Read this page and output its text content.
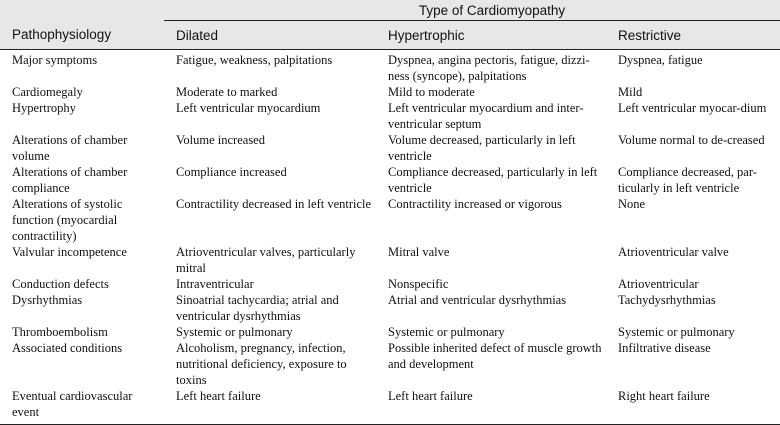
	Type of Cardiomyopathy		

Pathophysiology	Dilated	Hypertrophic	Restrictive
Major symptoms	Fatigue, weakness, palpitations	Dyspnea, angina pectoris, fatigue, dizzi-ness (syncope), palpitations	Dyspnea, fatigue
Cardiomegaly	Moderate to marked	Mild to moderate	Mild
Hypertrophy	Left ventricular myocardium	Left ventricular myocardium and inter-ventricular septum	Left ventricular myocar-dium
Alterations of chamber volume	Volume increased	Volume decreased, particularly in left ventricle	Volume normal to de-creased
Alterations of chamber compliance	Compliance increased	Compliance decreased, particularly in left ventricle	Compliance decreased, par-ticularly in left ventricle
Alterations of systolic function (myocardial contractility)	Contractility decreased in left ventricle	Contractility increased or vigorous	None
Valvular incompetence	Atrioventricular valves, particularly mitral	Mitral valve	Atrioventricular valve
Conduction defects	Intraventricular	Nonspecific	Atrioventricular
Dysrhythmias	Sinoatrial tachycardia; atrial and ventricular dysrhythmias	Atrial and ventricular dysrhythmias	Tachydysrhythmias
Thromboembolism	Systemic or pulmonary	Systemic or pulmonary	Systemic or pulmonary
Associated conditions	Alcoholism, pregnancy, infection, nutritional deficiency, exposure to toxins	Possible inherited defect of muscle growth and development	Infiltrative disease
Eventual cardiovascular event	Left heart failure	Left heart failure	Right heart failure
